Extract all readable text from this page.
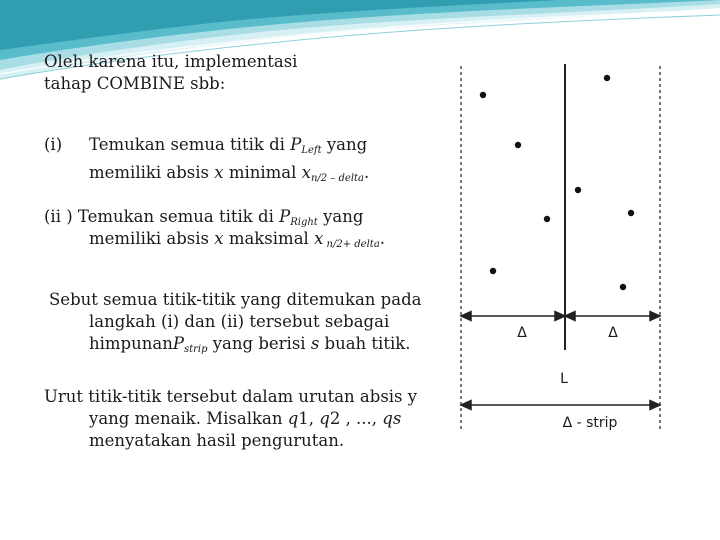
Oleh karena itu, implementasi
tahap COMBINE sbb:
(i) Temukan semua titik di $P_{Left}$ yang
memiliki absis x minimal $x_{n/2 - delta}$.
(ii ) Temukan semua titik di $P_{Right}$ yang
memiliki absis x maksimal x $_{n/2+ delta}$.
Sebut semua titik-titik yang ditemukan pada
langkah (i) dan (ii) tersebut sebagai
himpunanP$_{strip}$ yang berisi s buah titik.
Urut titik-titik tersebut dalam urutan absis y
yang menaik. Misalkan q1, q2 , ..., qs
menyatakan hasil pengurutan.
Δ	Δ
L
Δ - strip
